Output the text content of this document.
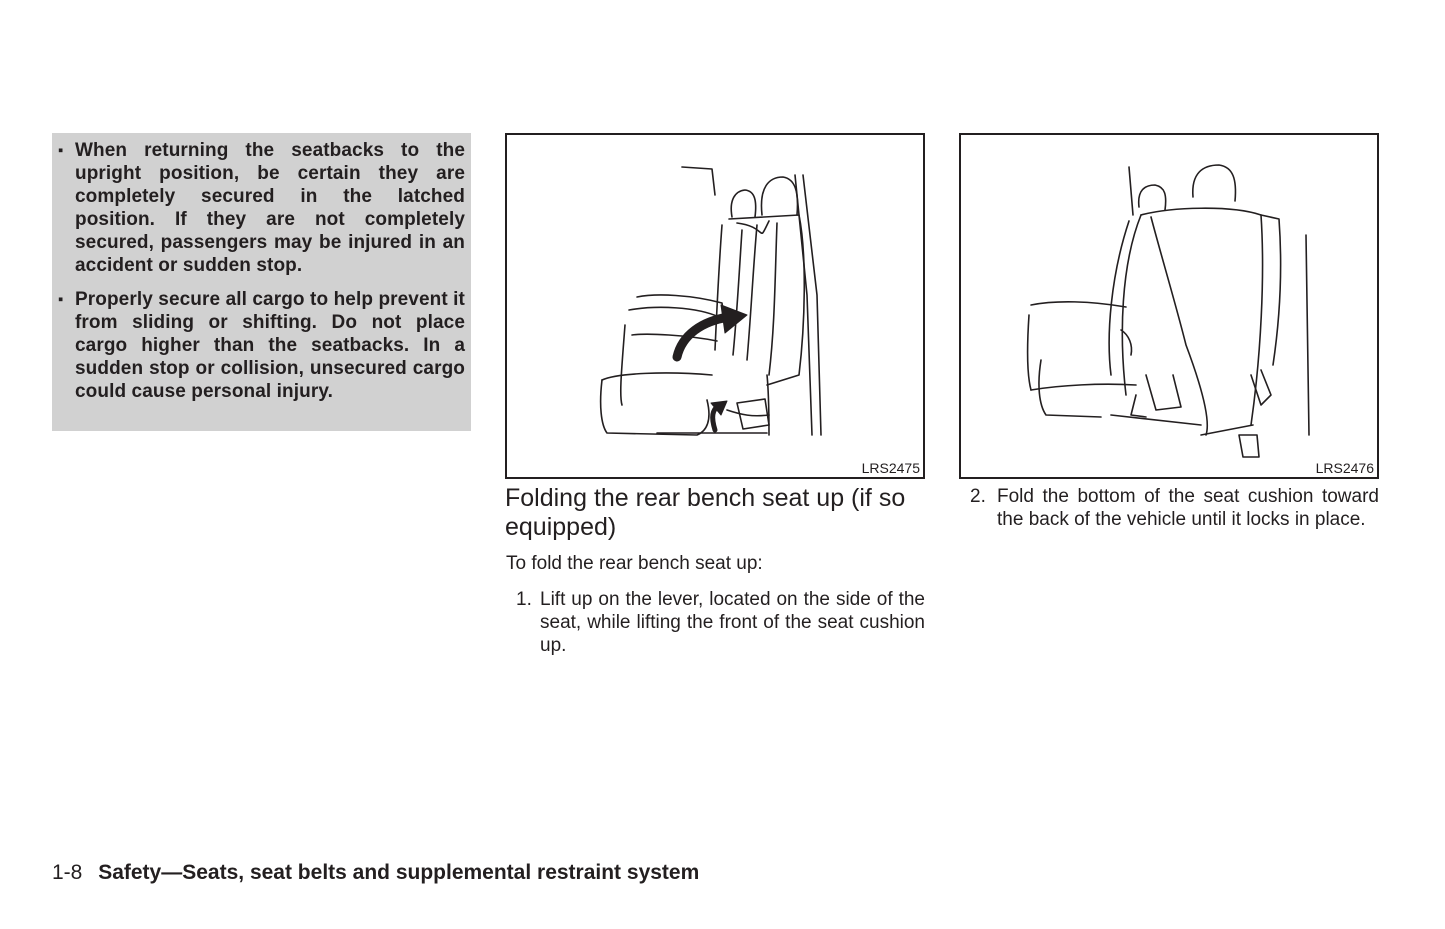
▪ When returning the seatbacks to the upright position, be certain they are completely secured in the latched position. If they are not completely secured, passengers may be injured in an accident or sudden stop.
▪ Properly secure all cargo to help prevent it from sliding or shifting. Do not place cargo higher than the seatbacks. In a sudden stop or collision, unsecured cargo could cause personal injury.
LRS2475	LRS2476
Folding the rear bench seat up (if so equipped)

To fold the rear bench seat up:

1. Lift up on the lever, located on the side of the seat, while lifting the front of the seat cushion up.
2. Fold the bottom of the seat cushion toward the back of the vehicle until it locks in place.
1-8 Safety—Seats, seat belts and supplemental restraint system
